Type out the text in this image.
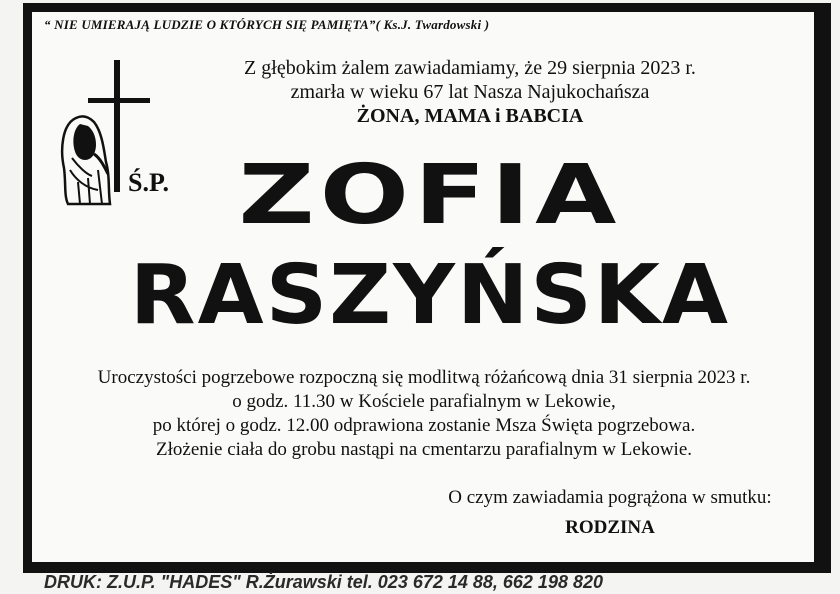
“ NIE UMIERAJĄ LUDZIE O KTÓRYCH SIĘ PAMIĘTA”( Ks.J. Twardowski )
Z głębokim żalem zawiadamiamy, że 29 sierpnia 2023 r.
zmarła w wieku 67 lat Nasza Najukochańsza
ŻONA, MAMA i BABCIA
Ś.P. ZOFIA
RASZYŃSKA
Uroczystości pogrzebowe rozpoczną się modlitwą różańcową dnia 31 sierpnia 2023 r.
o godz. 11.30 w Kościele parafialnym w Lekowie,
po której o godz. 12.00 odprawiona zostanie Msza Święta pogrzebowa.
Złożenie ciała do grobu nastąpi na cmentarzu parafialnym w Lekowie.
O czym zawiadamia pogrążona w smutku:
RODZINA
DRUK: Z.U.P. "HADES" R.Żurawski tel. 023 672 14 88, 662 198 820
